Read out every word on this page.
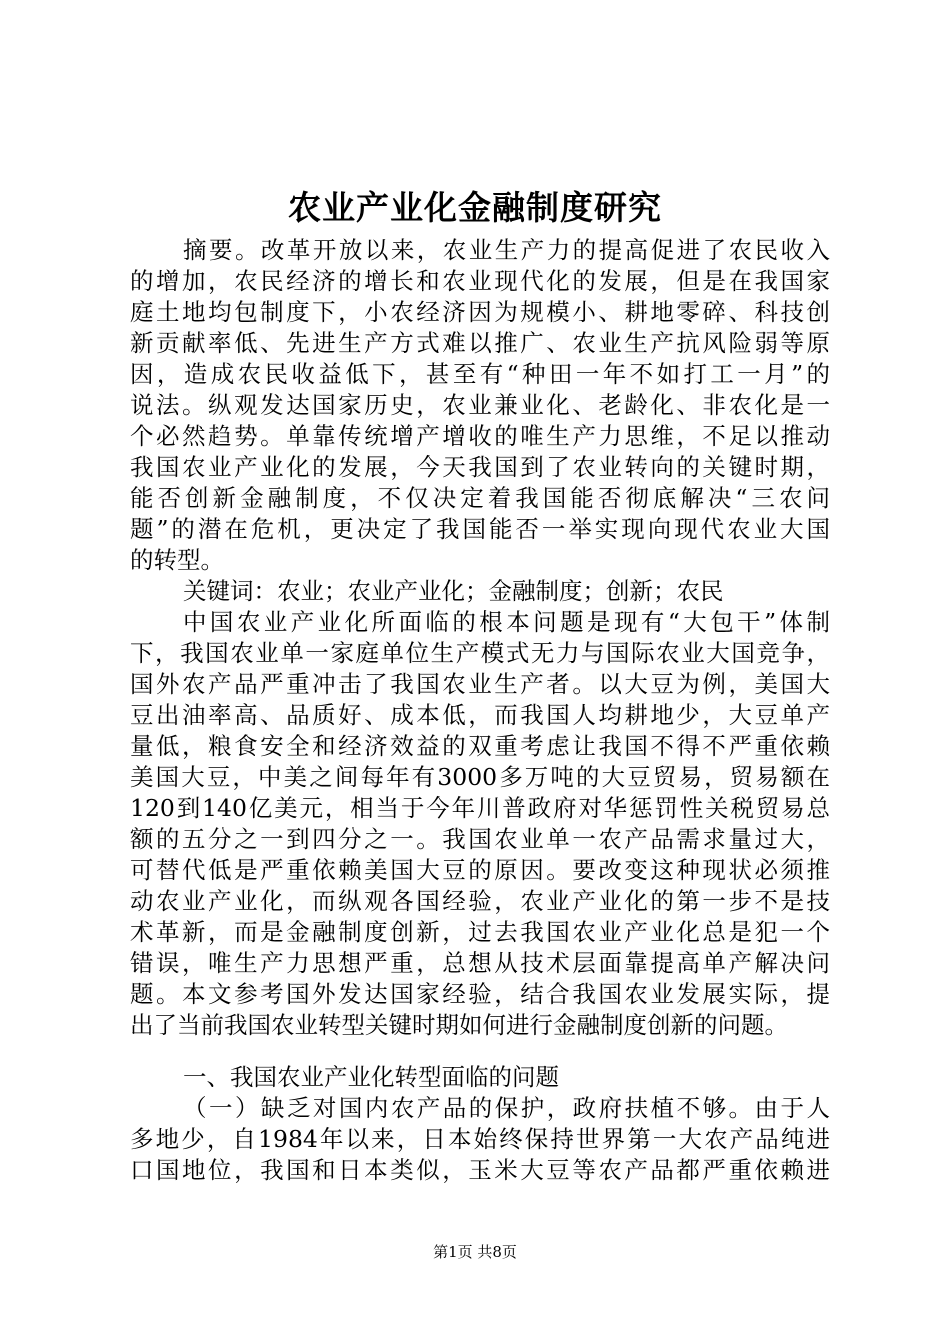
农业产业化金融制度研究
摘要。改革开放以来，农业生产力的提高促进了农民收入
的增加，农民经济的增长和农业现代化的发展，但是在我国家
庭土地均包制度下，小农经济因为规模小、耕地零碎、科技创
新贡献率低、先进生产方式难以推广、农业生产抗风险弱等原
因，造成农民收益低下，甚至有“种田一年不如打工一月”的
说法。纵观发达国家历史，农业兼业化、老龄化、非农化是一
个必然趋势。单靠传统增产增收的唯生产力思维，不足以推动
我国农业产业化的发展，今天我国到了农业转向的关键时期，
能否创新金融制度，不仅决定着我国能否彻底解决“三农问
题”的潜在危机，更决定了我国能否一举实现向现代农业大国
的转型。
关键词：农业；农业产业化；金融制度；创新；农民
中国农业产业化所面临的根本问题是现有“大包干”体制
下，我国农业单一家庭单位生产模式无力与国际农业大国竞争，
国外农产品严重冲击了我国农业生产者。以大豆为例，美国大
豆出油率高、品质好、成本低，而我国人均耕地少，大豆单产
量低，粮食安全和经济效益的双重考虑让我国不得不严重依赖
美国大豆，中美之间每年有3000多万吨的大豆贸易，贸易额在
120到140亿美元，相当于今年川普政府对华惩罚性关税贸易总
额的五分之一到四分之一。我国农业单一农产品需求量过大，
可替代低是严重依赖美国大豆的原因。要改变这种现状必须推
动农业产业化，而纵观各国经验，农业产业化的第一步不是技
术革新，而是金融制度创新，过去我国农业产业化总是犯一个
错误，唯生产力思想严重，总想从技术层面靠提高单产解决问
题。本文参考国外发达国家经验，结合我国农业发展实际，提
出了当前我国农业转型关键时期如何进行金融制度创新的问题。
一、我国农业产业化转型面临的问题
（一）缺乏对国内农产品的保护，政府扶植不够。由于人
多地少，自1984年以来，日本始终保持世界第一大农产品纯进
口国地位，我国和日本类似，玉米大豆等农产品都严重依赖进
第1页 共8页
